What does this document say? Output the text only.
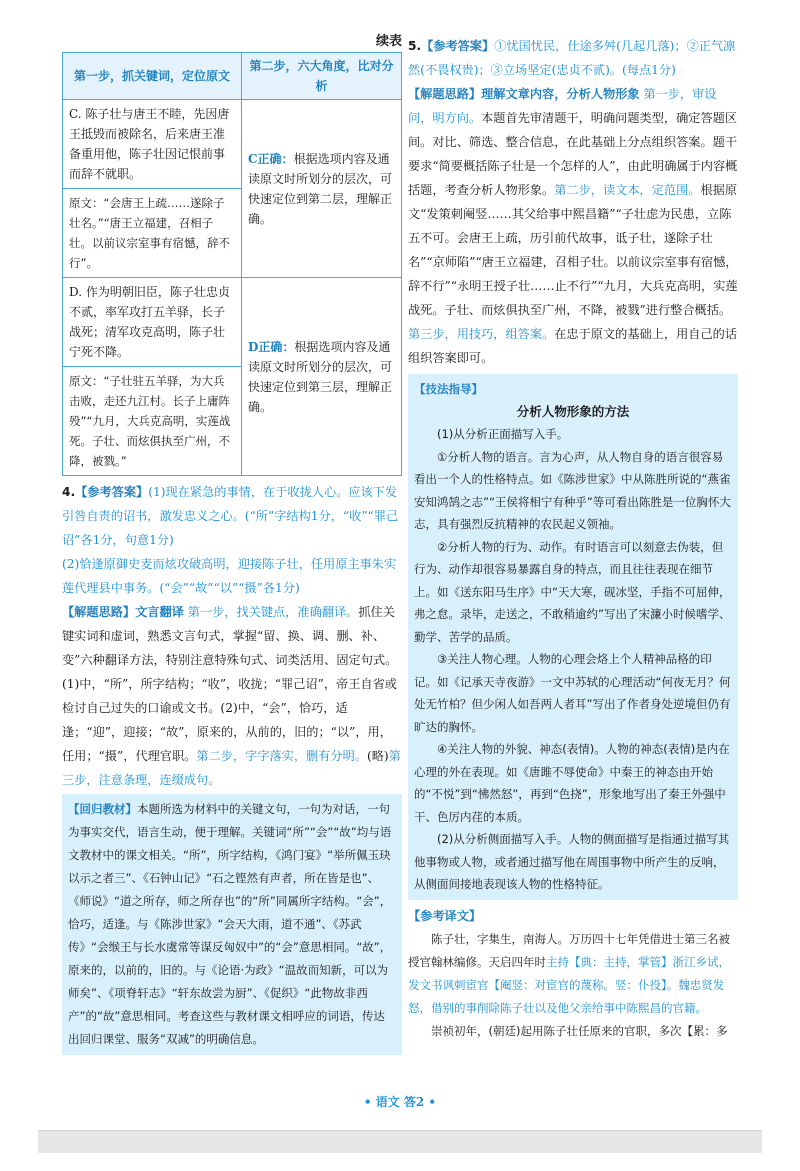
续表
第一步，抓关键词，定位原文	第二步，六大角度，比对分析
C. 陈子壮与唐王不睦，先因唐王抵毁而被除名，后来唐王准备重用他，陈子壮因记恨前事而辞不就职。	C正确：根据选项内容及通读原文时所划分的层次，可快速定位到第二层，理解正确。
原文：“会唐王上疏……遂除子壮名。”“唐王立福建，召相子壮。以前议宗室事有宿憾，辞不行”。	
D. 作为明朝旧臣，陈子壮忠贞不贰，率军攻打五羊驿，长子战死；清军攻克高明，陈子壮宁死不降。	D正确：根据选项内容及通读原文时所划分的层次，可快速定位到第三层，理解正确。
原文：“子壮驻五羊驿，为大兵击败，走还九江村。长子上庸阵殁”“九月，大兵克高明，实莲战死。子壮、而炫俱执至广州，不降，被戮。”	

4.【参考答案】(1)现在紧急的事情，在于收拢人心。应该下发引咎自责的诏书，激发忠义之心。(“所”字结构1分，“收”“罪己诏”各1分，句意1分)

(2)恰逢原御史麦而炫攻破高明，迎接陈子壮，任用原主事朱实莲代理县中事务。(“会”“故”“以”“摄”各1分)

【解题思路】文言翻译 第一步，找关键点，准确翻译。抓住关键实词和虚词，熟悉文言句式，掌握“留、换、调、删、补、变”六种翻译方法，特别注意特殊句式、词类活用、固定句式。(1)中，“所”，所字结构；“收”，收拢；“罪己诏”，帝王自省或检讨自己过失的口谕或文书。(2)中，“会”，恰巧，适逢；“迎”，迎接；“故”，原来的，从前的，旧的；“以”，用，任用；“摄”，代理官职。第二步，字字落实，删有分明。(略)第三步，注意条理，连缀成句。

【回归教材】本题所选为材料中的关键文句，一句为对话，一句为事实交代，语言生动，便于理解。关键词“所”“会”“故”均与语文教材中的课文相关。“所”，所字结构，《鸿门宴》“举所佩玉玦以示之者三”、《石钟山记》“石之铿然有声者，所在皆是也”、《师说》“道之所存，师之所存也”的“所”同属所字结构。“会”，恰巧，适逢。与《陈涉世家》“会天大雨，道不通”、《苏武传》“会缑王与长水虞常等谋反匈奴中”的“会”意思相同。“故”，原来的，以前的，旧的。与《论语·为政》“温故而知新，可以为师矣”、《项脊轩志》“轩东故尝为厨”、《促织》“此物故非西产”的“故”意思相同。考查这些与教材课文相呼应的词语，传达出回归课堂、服务“双减”的明确信息。

5.【参考答案】①忧国忧民，仕途多舛(几起几落)；②正气凛然(不畏权贵)；③立场坚定(忠贞不贰)。(每点1分)

【解题思路】理解文章内容，分析人物形象 第一步，审设问，明方向。本题首先审清题干，明确问题类型，确定答题区间。对比、筛选、整合信息，在此基础上分点组织答案。题干要求“简要概括陈子壮是一个怎样的人”，由此明确属于内容概括题，考查分析人物形象。第二步，读文本，定范围。根据原文“发策刺阉竖……其父给事中熙昌籍”“子壮虑为民患，立陈五不可。会唐王上疏，历引前代故事，诋子壮，遂除子壮名”“京师陷”“唐王立福建，召相子壮。以前议宗室事有宿憾，辞不行”“永明王授子壮……止不行”“九月，大兵克高明，实莲战死。子壮、而炫俱执至广州，不降，被戮”进行整合概括。第三步，用技巧，组答案。在忠于原文的基础上，用自己的话组织答案即可。

【技法指导】
分析人物形象的方法

(1)从分析正面描写入手。

①分析人物的语言。言为心声，从人物自身的语言很容易看出一个人的性格特点。如《陈涉世家》中从陈胜所说的“燕雀安知鸿鹄之志”“王侯将相宁有种乎”等可看出陈胜是一位胸怀大志，具有强烈反抗精神的农民起义领袖。

②分析人物的行为、动作。有时语言可以刻意去伪装，但行为、动作却很容易暴露自身的特点，而且往往表现在细节上。如《送东阳马生序》中“天大寒，砚冰坚，手指不可屈伸，弗之怠。录毕，走送之，不敢稍逾约”写出了宋濂小时候嗜学、勤学、苦学的品质。

③关注人物心理。人物的心理会烙上个人精神品格的印记。如《记承天寺夜游》一文中苏轼的心理活动“何夜无月？何处无竹柏？但少闲人如吾两人者耳”写出了作者身处逆境但仍有旷达的胸怀。

④关注人物的外貌、神态(表情)。人物的神态(表情)是内在心理的外在表现。如《唐雎不辱使命》中秦王的神态由开始的“不悦”到“怫然怒”，再到“色挠”，形象地写出了秦王外强中干、色厉内荏的本质。

(2)从分析侧面描写入手。人物的侧面描写是指通过描写其他事物或人物，或者通过描写他在周围事物中所产生的反响，从侧面间接地表现该人物的性格特征。

【参考译文】

陈子壮，字集生，南海人。万历四十七年凭借进士第三名被授官翰林编修。天启四年时主持【典：主持，掌管】浙江乡试，发文书讽刺宦官【阉竖：对宦官的蔑称。竖：仆役】。魏忠贤发怒，借别的事削除陈子壮以及他父亲给事中陈熙昌的官籍。

崇祯初年，(朝廷)起用陈子壮任原来的官职，多次【累：多

• 语文 答2 •
